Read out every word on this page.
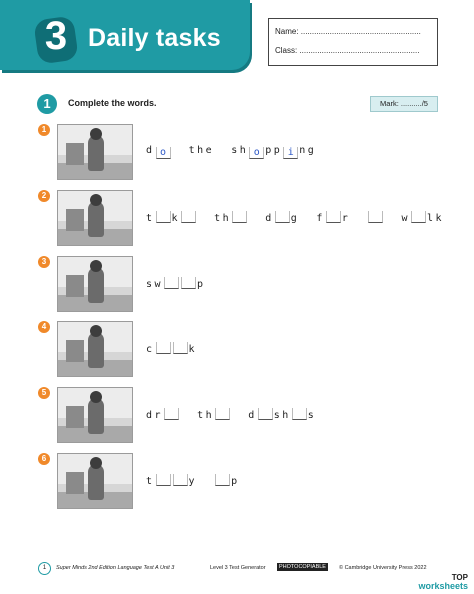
3 Daily tasks	Name: ......................................................
Class: ......................................................
1	Complete the words.	Mark: ........../5
1
d o the sh o pp i ng
2
t k	th	d g f r	w lk
3
sw	p
4
c	k
5
dr	th	d sh s
6
t	y	p
1	Super Minds 2nd Edition Language Test A Unit 3	Level 3 Test Generator	PHOTOCOPIABLE	© Cambridge University Press 2022
TOP
worksheets
